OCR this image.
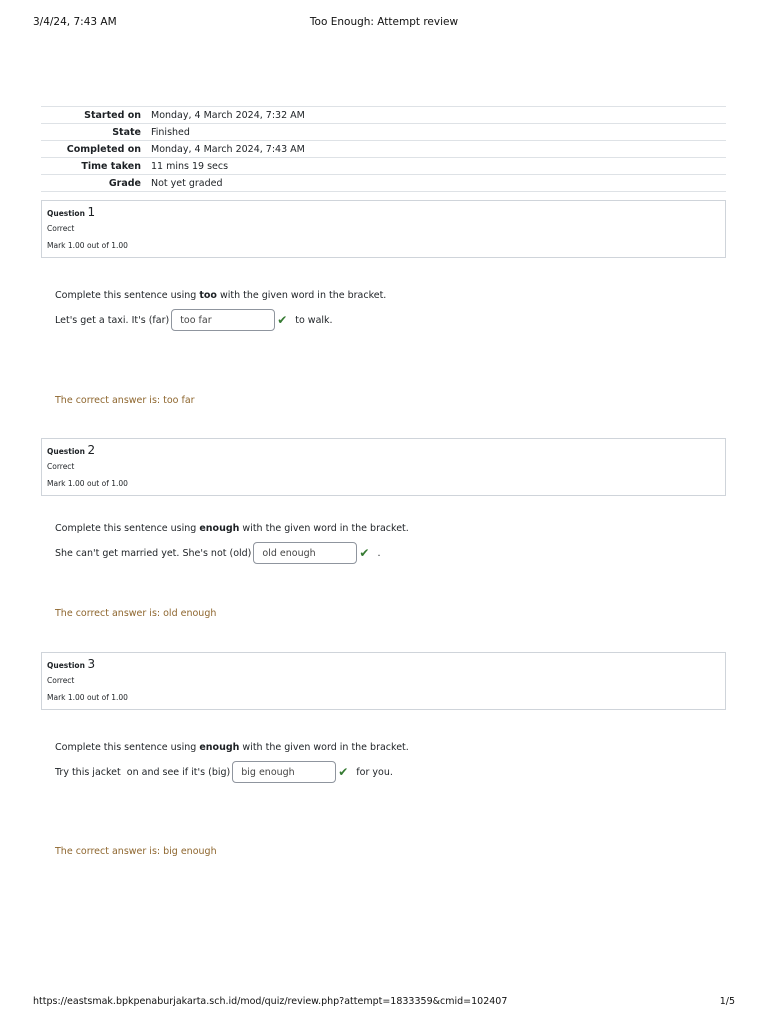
3/4/24, 7:43 AM	Too Enough: Attempt review
Started on	Monday, 4 March 2024, 7:32 AM
State	Finished
Completed on	Monday, 4 March 2024, 7:43 AM
Time taken	11 mins 19 secs
Grade	Not yet graded
Question 1
Correct
Mark 1.00 out of 1.00
Complete this sentence using too with the given word in the bracket.
Let's get a taxi. It's (far)	too far	✔ to walk.
The correct answer is: too far
Question 2
Correct
Mark 1.00 out of 1.00
Complete this sentence using enough with the given word in the bracket.
She can't get married yet. She's not (old)	old enough	✔ .
The correct answer is: old enough
Question 3
Correct
Mark 1.00 out of 1.00
Complete this sentence using enough with the given word in the bracket.
Try this jacket  on and see if it's (big)	big enough	✔ for you.
The correct answer is: big enough
https://eastsmak.bpkpenaburjakarta.sch.id/mod/quiz/review.php?attempt=1833359&cmid=102407	1/5
